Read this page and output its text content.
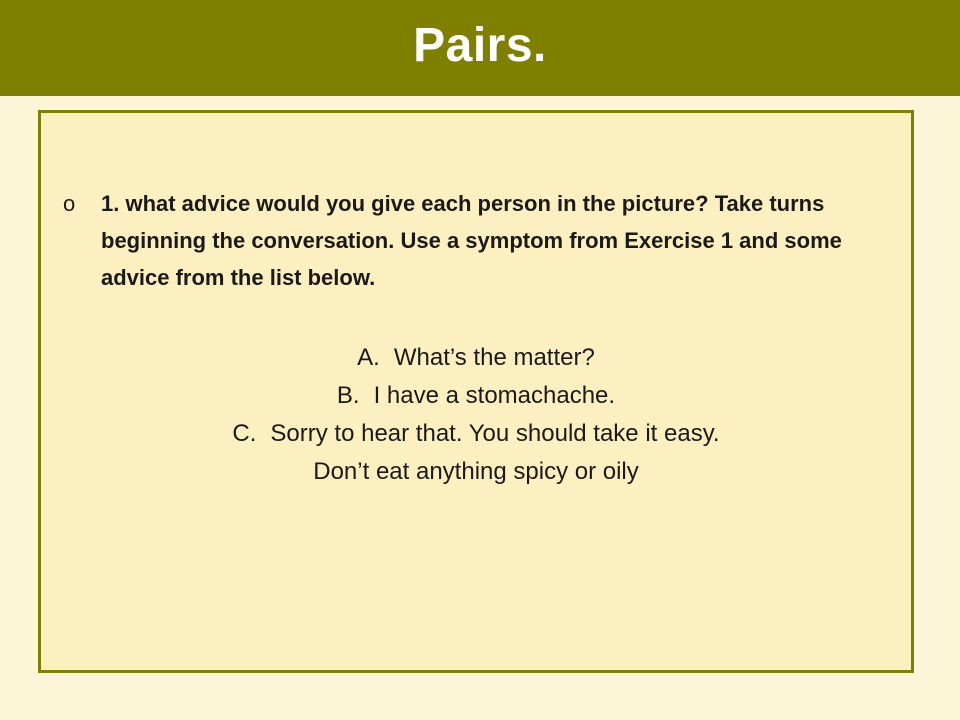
Pairs.
o	1. what advice would you give each person in the picture? Take turns beginning the conversation. Use a symptom from Exercise 1 and some advice from the list below.
A. What’s the matter?
B. I have a stomachache.
C. Sorry to hear that. You should take it easy.
Don’t eat anything spicy or oily
